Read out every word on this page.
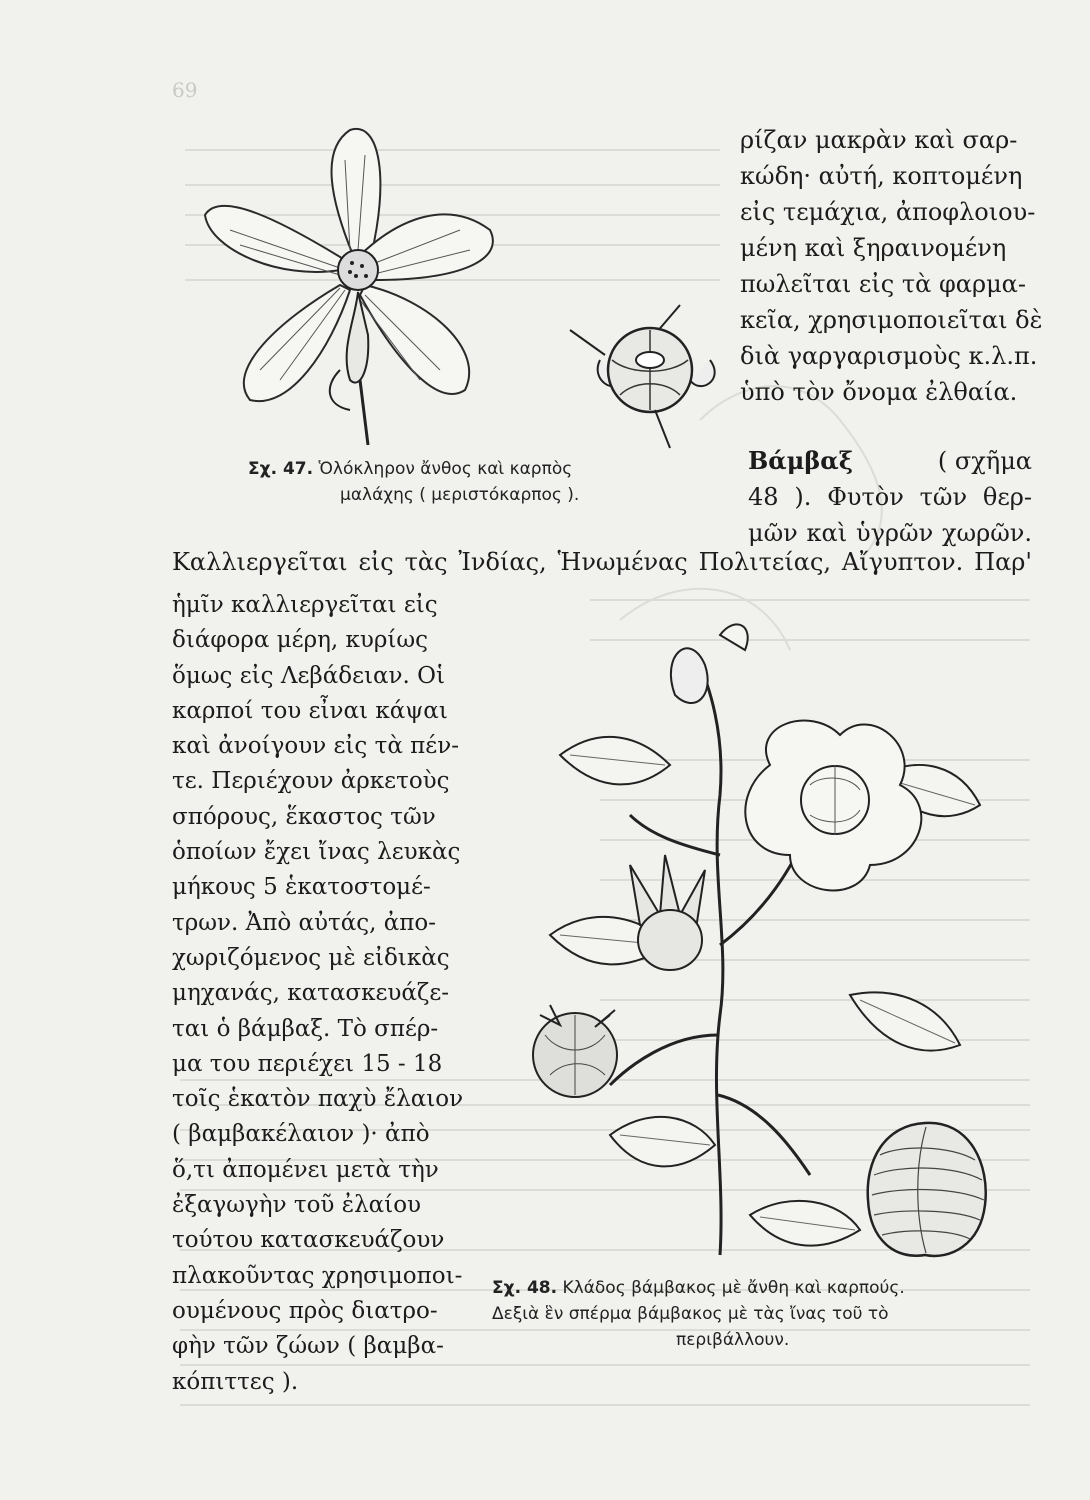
69
ρίζαν μακρὰν καὶ σαρ-
κώδη· αὐτή, κοπτομένη
εἰς τεμάχια, ἀποφλοιου-
μένη καὶ ξηραινομένη
πωλεῖται εἰς τὰ φαρμα-
κεῖα, χρησιμοποιεῖται δὲ
διὰ γαργαρισμοὺς κ.λ.π.
ὑπὸ τὸν ὄνομα ἐλθαία.
Σχ. 47. Ὁλόκληρον ἄνθος καὶ καρπὸς
μαλάχης ( μεριστόκαρπος ).
Βάμβαξ	( σχῆμα
48 ). Φυτὸν τῶν θερ-
μῶν καὶ ὑγρῶν χωρῶν.
Καλλιεργεῖται εἰς τὰς Ἰνδίας, Ἡνωμένας Πολιτείας, Αἴγυπτον. Παρ'
ἡμῖν καλλιεργεῖται εἰς
διάφορα μέρη, κυρίως
ὅμως εἰς Λεβάδειαν. Οἱ
καρποί του εἶναι κάψαι
καὶ ἀνοίγουν εἰς τὰ πέν-
τε. Περιέχουν ἀρκετοὺς
σπόρους, ἕκαστος τῶν
ὁποίων ἔχει ἴνας λευκὰς
μήκους 5 ἑκατοστομέ-
τρων. Ἀπὸ αὐτάς, ἀπο-
χωριζόμενος μὲ εἰδικὰς
μηχανάς, κατασκευάζε-
ται ὁ βάμβαξ. Τὸ σπέρ-
μα του περιέχει 15 - 18
τοῖς ἑκατὸν παχὺ ἔλαιον
( βαμβακέλαιον )· ἀπὸ
ὅ,τι ἀπομένει μετὰ τὴν
ἐξαγωγὴν τοῦ ἐλαίου
τούτου κατασκευάζουν
πλακοῦντας χρησιμοποι-
ουμένους πρὸς διατρο-
φὴν τῶν ζώων ( βαμβα-
κόπιττες ).
Σχ. 48. Κλάδος βάμβακος μὲ ἄνθη καὶ καρπούς.
Δεξιὰ ἓν σπέρμα βάμβακος μὲ τὰς ἴνας τοῦ τὸ
περιβάλλουν.
